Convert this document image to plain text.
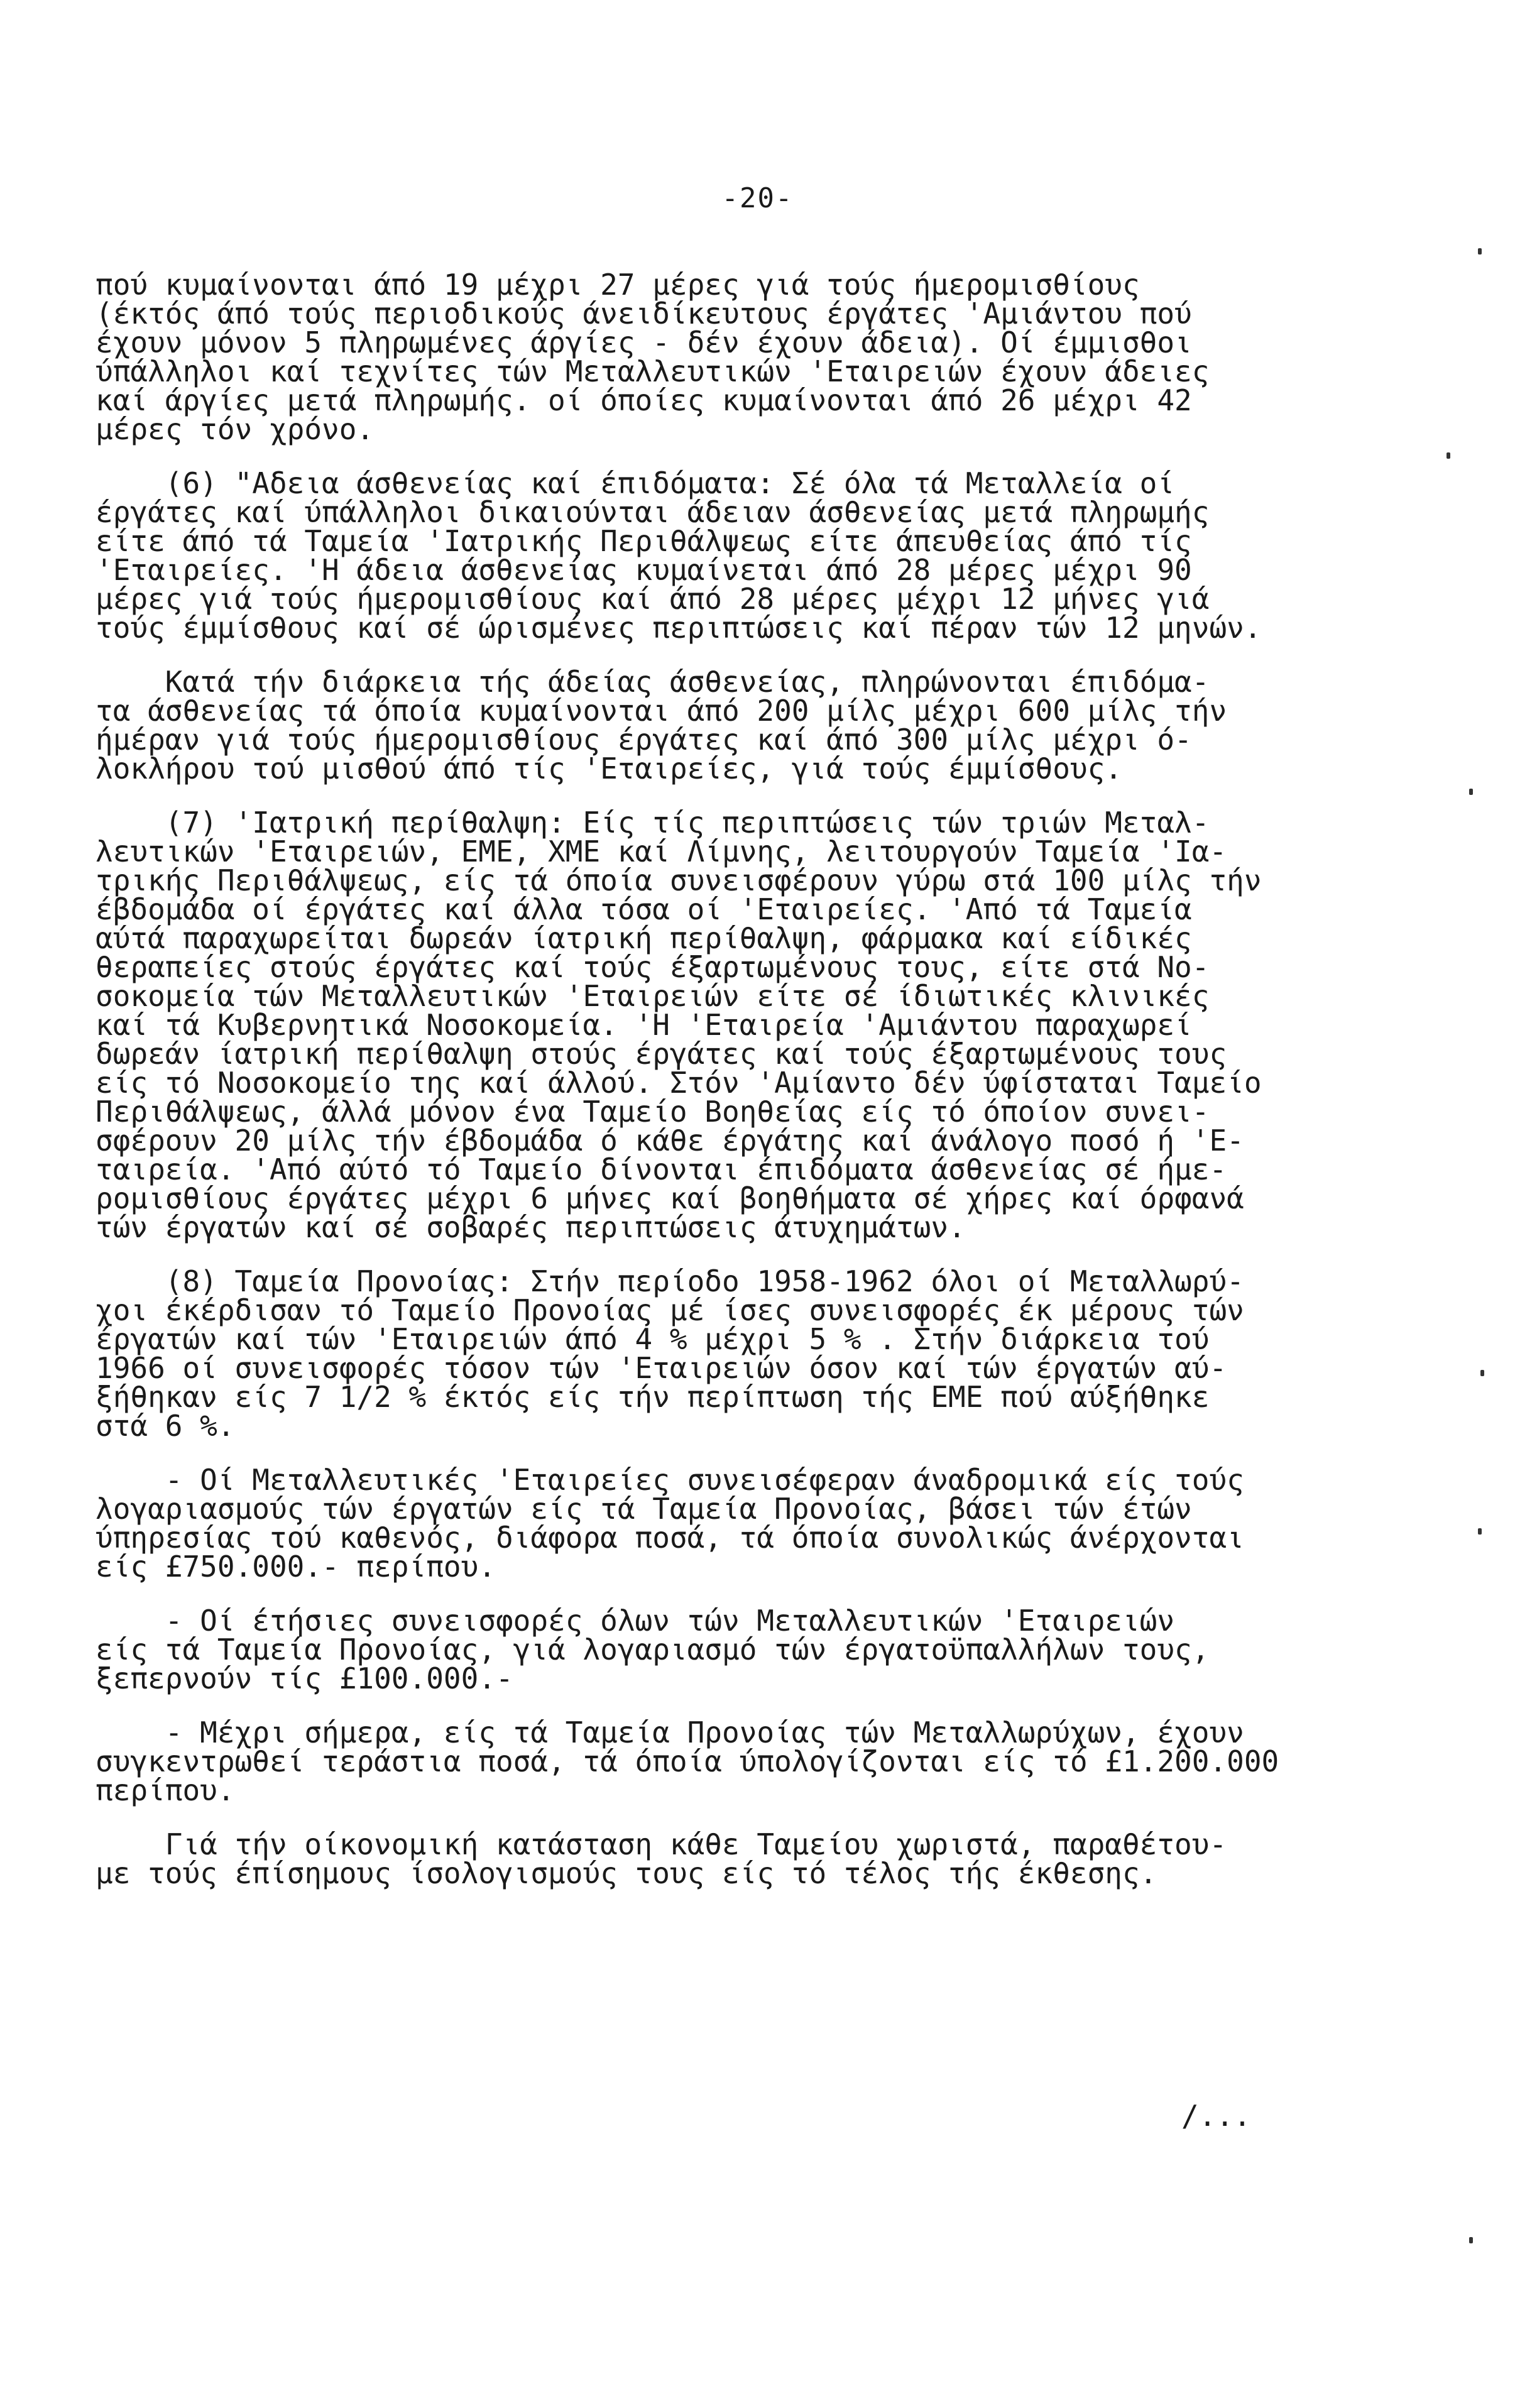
-20-
πού κυμαίνονται άπό 19 μέχρι 27 μέρες γιά τούς ήμερομισθίους
(έκτός άπό τούς περιοδικούς άνειδίκευτους έργάτες 'Αμιάντου πού
έχουν μόνον 5 πληρωμένες άργίες - δέν έχουν άδεια). Οί έμμισθοι
ύπάλληλοι καί τεχνίτες τών Μεταλλευτικών 'Εταιρειών έχουν άδειες
καί άργίες μετά πληρωμής. οί όποίες κυμαίνονται άπό 26 μέχρι 42
μέρες τόν χρόνο.
(6) "Αδεια άσθενείας καί έπιδόματα: Σέ όλα τά Μεταλλεία οί
έργάτες καί ύπάλληλοι δικαιούνται άδειαν άσθενείας μετά πληρωμής
είτε άπό τά Ταμεία 'Ιατρικής Περιθάλψεως είτε άπευθείας άπό τίς
'Εταιρείες. 'Η άδεια άσθενείας κυμαίνεται άπό 28 μέρες μέχρι 90
μέρες γιά τούς ήμερομισθίους καί άπό 28 μέρες μέχρι 12 μήνες γιά
τούς έμμίσθους καί σέ ώρισμένες περιπτώσεις καί πέραν τών 12 μηνών.
Κατά τήν διάρκεια τής άδείας άσθενείας, πληρώνονται έπιδόμα-
τα άσθενείας τά όποία κυμαίνονται άπό 200 μίλς μέχρι 600 μίλς τήν
ήμέραν γιά τούς ήμερομισθίους έργάτες καί άπό 300 μίλς μέχρι ό-
λοκλήρου τού μισθού άπό τίς 'Εταιρείες, γιά τούς έμμίσθους.
(7) 'Ιατρική περίθαλψη: Είς τίς περιπτώσεις τών τριών Μεταλ-
λευτικών 'Εταιρειών, ΕΜΕ, ΧΜΕ καί Λίμνης, λειτουργούν Ταμεία 'Ια-
τρικής Περιθάλψεως, είς τά όποία συνεισφέρουν γύρω στά 100 μίλς τήν
έβδομάδα οί έργάτες καί άλλα τόσα οί 'Εταιρείες. 'Από τά Ταμεία
αύτά παραχωρείται δωρεάν ίατρική περίθαλψη, φάρμακα καί είδικές
θεραπείες στούς έργάτες καί τούς έξαρτωμένους τους, είτε στά Νο-
σοκομεία τών Μεταλλευτικών 'Εταιρειών είτε σέ ίδιωτικές κλινικές
καί τά Κυβερνητικά Νοσοκομεία. 'Η 'Εταιρεία 'Αμιάντου παραχωρεί
δωρεάν ίατρική περίθαλψη στούς έργάτες καί τούς έξαρτωμένους τους
είς τό Νοσοκομείο της καί άλλού. Στόν 'Αμίαντο δέν ύφίσταται Ταμείο
Περιθάλψεως, άλλά μόνον ένα Ταμείο Βοηθείας είς τό όποίον συνει-
σφέρουν 20 μίλς τήν έβδομάδα ό κάθε έργάτης καί άνάλογο ποσό ή 'Ε-
ταιρεία. 'Από αύτό τό Ταμείο δίνονται έπιδόματα άσθενείας σέ ήμε-
ρομισθίους έργάτες μέχρι 6 μήνες καί βοηθήματα σέ χήρες καί όρφανά
τών έργατών καί σέ σοβαρές περιπτώσεις άτυχημάτων.
(8) Ταμεία Προνοίας: Στήν περίοδο 1958-1962 όλοι οί Μεταλλωρύ-
χοι έκέρδισαν τό Ταμείο Προνοίας μέ ίσες συνεισφορές έκ μέρους τών
έργατών καί τών 'Εταιρειών άπό 4 % μέχρι 5 % . Στήν διάρκεια τού
1966 οί συνεισφορές τόσον τών 'Εταιρειών όσον καί τών έργατών αύ-
ξήθηκαν είς 7 1/2 % έκτός είς τήν περίπτωση τής ΕΜΕ πού αύξήθηκε
στά 6 %.
- Οί Μεταλλευτικές 'Εταιρείες συνεισέφεραν άναδρομικά είς τούς
λογαριασμούς τών έργατών είς τά Ταμεία Προνοίας, βάσει τών έτών
ύπηρεσίας τού καθενός, διάφορα ποσά, τά όποία συνολικώς άνέρχονται
είς £750.000.- περίπου.
- Οί έτήσιες συνεισφορές όλων τών Μεταλλευτικών 'Εταιρειών
είς τά Ταμεία Προνοίας, γιά λογαριασμό τών έργατοϋπαλλήλων τους,
ξεπερνούν τίς £100.000.-
- Μέχρι σήμερα, είς τά Ταμεία Προνοίας τών Μεταλλωρύχων, έχουν
συγκεντρωθεί τεράστια ποσά, τά όποία ύπολογίζονται είς τό £1.200.000
περίπου.
Γιά τήν οίκονομική κατάσταση κάθε Ταμείου χωριστά, παραθέτου-
με τούς έπίσημους ίσολογισμούς τους είς τό τέλος τής έκθεσης.
/...
